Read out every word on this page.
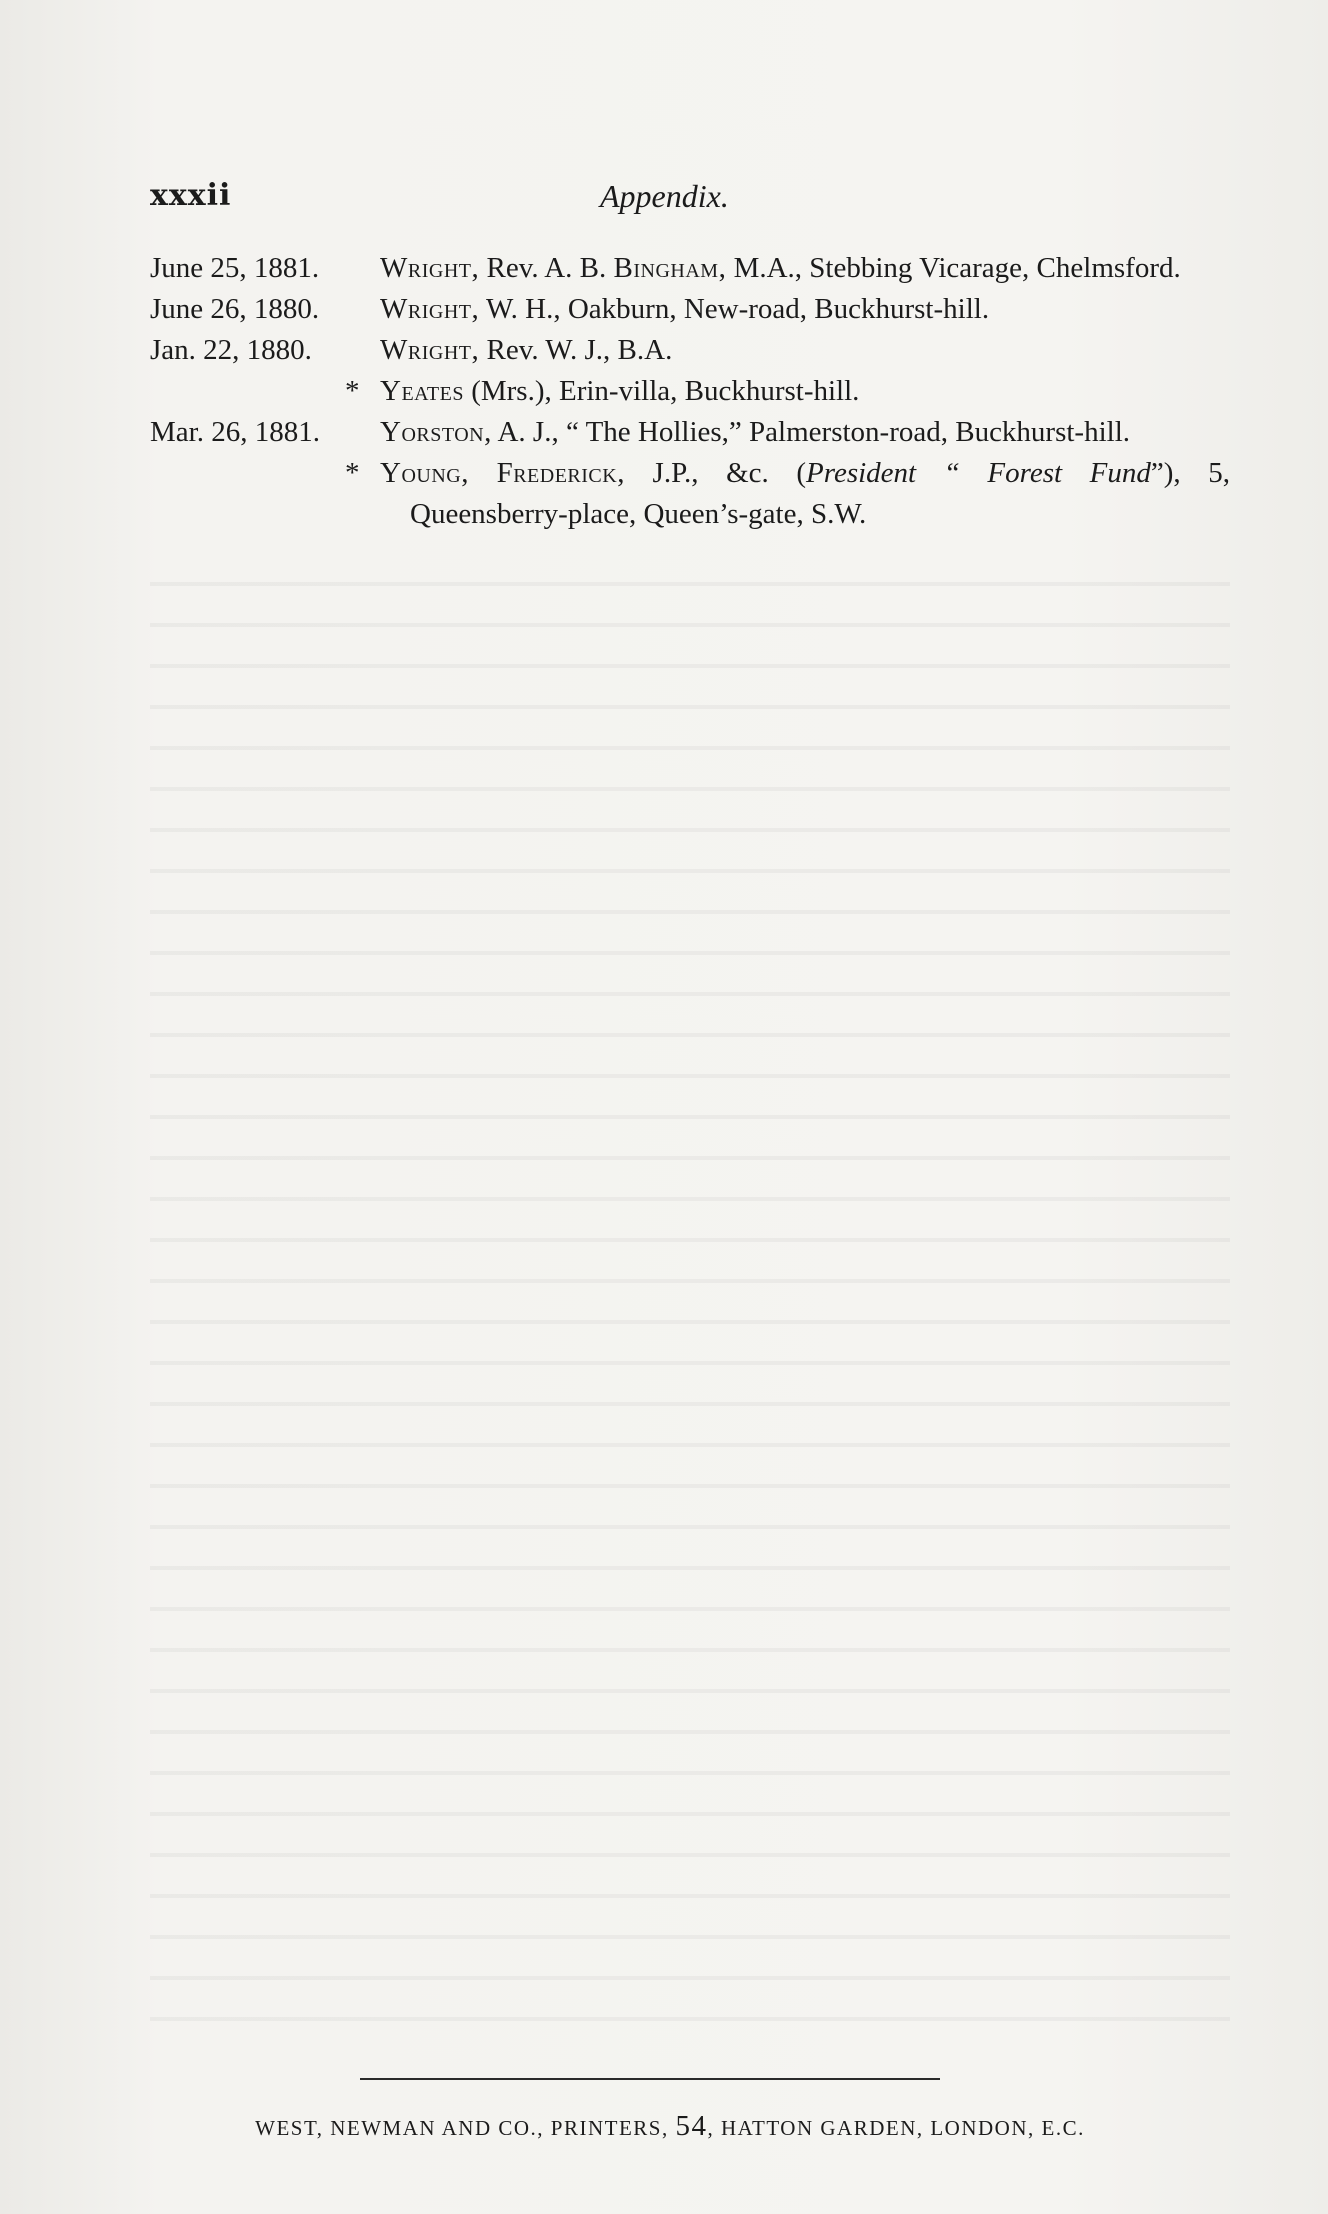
xxxii	Appendix.
June 25, 1881. Wright, Rev. A. B. Bingham, M.A., Stebbing Vicarage, Chelmsford.
June 26, 1880. Wright, W. H., Oakburn, New-road, Buckhurst-hill.
Jan. 22, 1880. Wright, Rev. W. J., B.A.
* Yeates (Mrs.), Erin-villa, Buckhurst-hill.
Mar. 26, 1881. Yorston, A. J., “ The Hollies,” Palmerston-road, Buckhurst-hill.
* Young, Frederick, J.P., &c. (President “ Forest Fund”), 5, Queensberry-place, Queen’s-gate, S.W.
WEST, NEWMAN AND CO., PRINTERS, 54, HATTON GARDEN, LONDON, E.C.
